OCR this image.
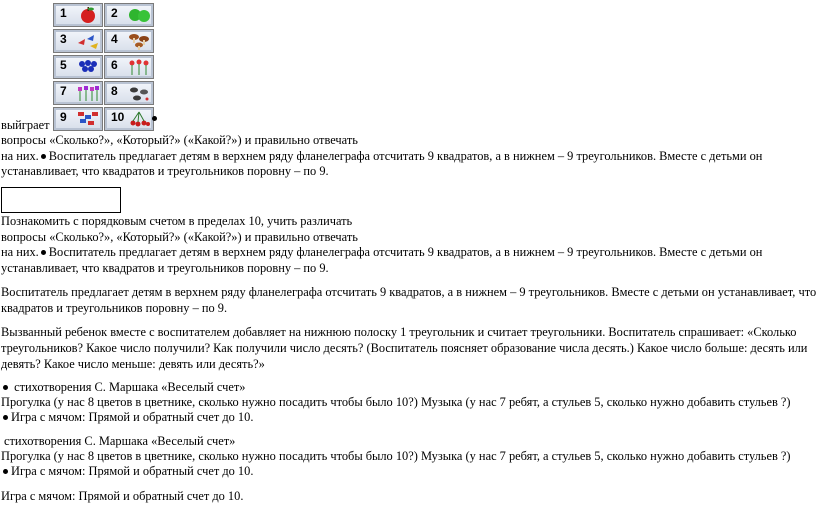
1	2
3	4
5	6
7	8
9	10
выйграет
вопросы «Сколько?», «Который?» («Какой?») и правильно отвечать
на них. Воспитатель предлагает детям в верхнем ряду фланелеграфа отсчитать 9 квадратов, а в нижнем – 9 треугольников. Вместе с детьми он
устанавливает, что квадратов и треугольников поровну – по 9.
Познакомить с порядковым счетом в пределах 10, учить различать
вопросы «Сколько?», «Который?» («Какой?») и правильно отвечать
на них. Воспитатель предлагает детям в верхнем ряду фланелеграфа отсчитать 9 квадратов, а в нижнем – 9 треугольников. Вместе с детьми он
устанавливает, что квадратов и треугольников поровну – по 9.
Воспитатель предлагает детям в верхнем ряду фланелеграфа отсчитать 9 квадратов, а в нижнем – 9 треугольников. Вместе с детьми он устанавливает, что
квадратов и треугольников поровну – по 9.
Вызванный ребенок вместе с воспитателем добавляет на нижнюю полоску 1 треугольник и считает треугольники. Воспитатель спрашивает: «Сколько
треугольников? Какое число получили? Как получили число десять? (Воспитатель поясняет образование числа десять.) Какое число больше: десять или
девять? Какое число меньше: девять или десять?»
стихотворения С. Маршака «Веселый счет»
Прогулка (у нас 8 цветов в цветнике, сколько нужно посадить чтобы было 10?) Музыка (у нас 7 ребят, а стульев 5, сколько нужно добавить стульев ?)
Игра с мячом: Прямой и обратный счет до 10.
стихотворения С. Маршака «Веселый счет»
Прогулка (у нас 8 цветов в цветнике, сколько нужно посадить чтобы было 10?) Музыка (у нас 7 ребят, а стульев 5, сколько нужно добавить стульев ?)
Игра с мячом: Прямой и обратный счет до 10.
Игра с мячом: Прямой и обратный счет до 10.
